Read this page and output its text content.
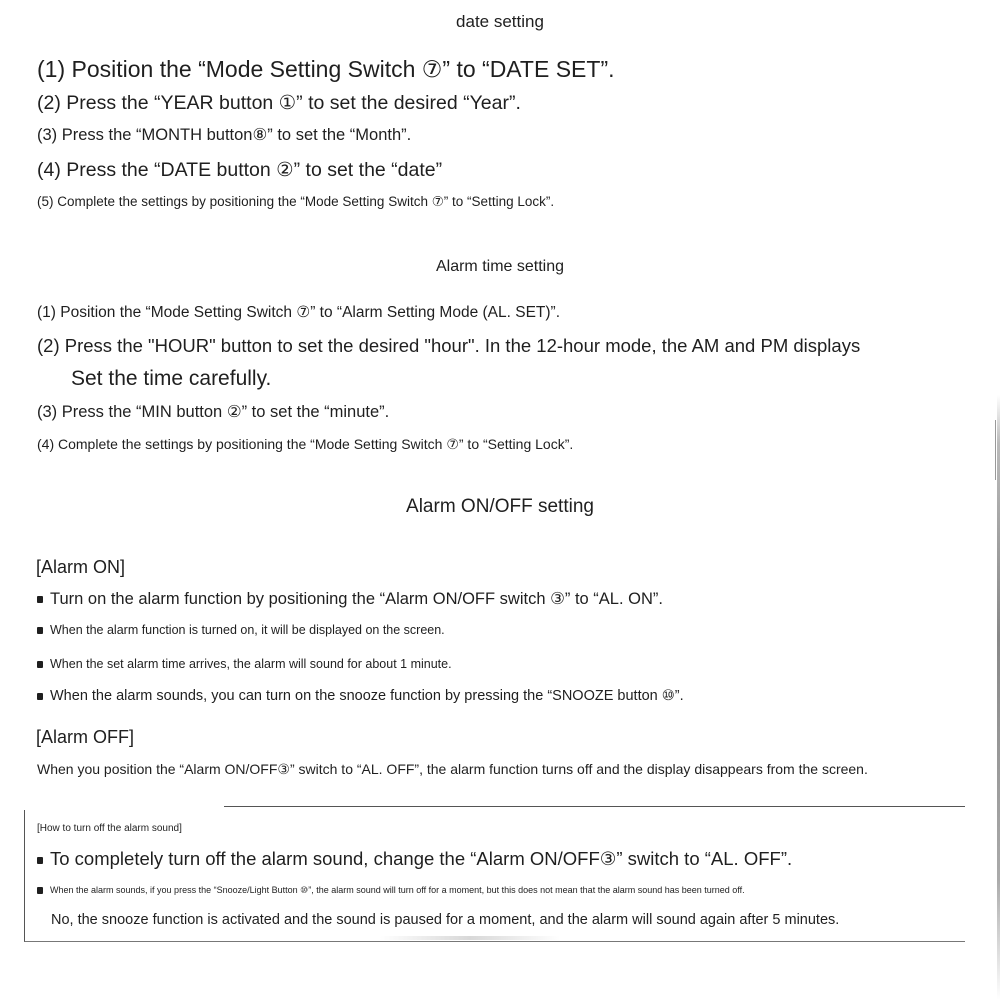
date setting
(1) Position the “Mode Setting Switch ⑦” to “DATE SET”.
(2) Press the “YEAR button ①” to set the desired “Year”.
(3) Press the “MONTH button⑧” to set the “Month”.
(4) Press the “DATE button ②” to set the “date”
(5) Complete the settings by positioning the “Mode Setting Switch ⑦” to “Setting Lock”.
Alarm time setting
(1) Position the “Mode Setting Switch ⑦” to “Alarm Setting Mode (AL. SET)”.
(2) Press the "HOUR" button to set the desired "hour". In the 12-hour mode, the AM and PM displays
Set the time carefully.
(3) Press the “MIN button ②” to set the “minute”.
(4) Complete the settings by positioning the “Mode Setting Switch ⑦” to “Setting Lock”.
Alarm ON/OFF setting
[Alarm ON]
Turn on the alarm function by positioning the “Alarm ON/OFF switch ③” to “AL. ON”.
When the alarm function is turned on, it will be displayed on the screen.
When the set alarm time arrives, the alarm will sound for about 1 minute.
When the alarm sounds, you can turn on the snooze function by pressing the “SNOOZE button ⑩”.
[Alarm OFF]
When you position the “Alarm ON/OFF③” switch to “AL. OFF”, the alarm function turns off and the display disappears from the screen.
[How to turn off the alarm sound]
To completely turn off the alarm sound, change the “Alarm ON/OFF③” switch to “AL. OFF”.
When the alarm sounds, if you press the “Snooze/Light Button ⑩”, the alarm sound will turn off for a moment, but this does not mean that the alarm sound has been turned off.
No, the snooze function is activated and the sound is paused for a moment, and the alarm will sound again after 5 minutes.
